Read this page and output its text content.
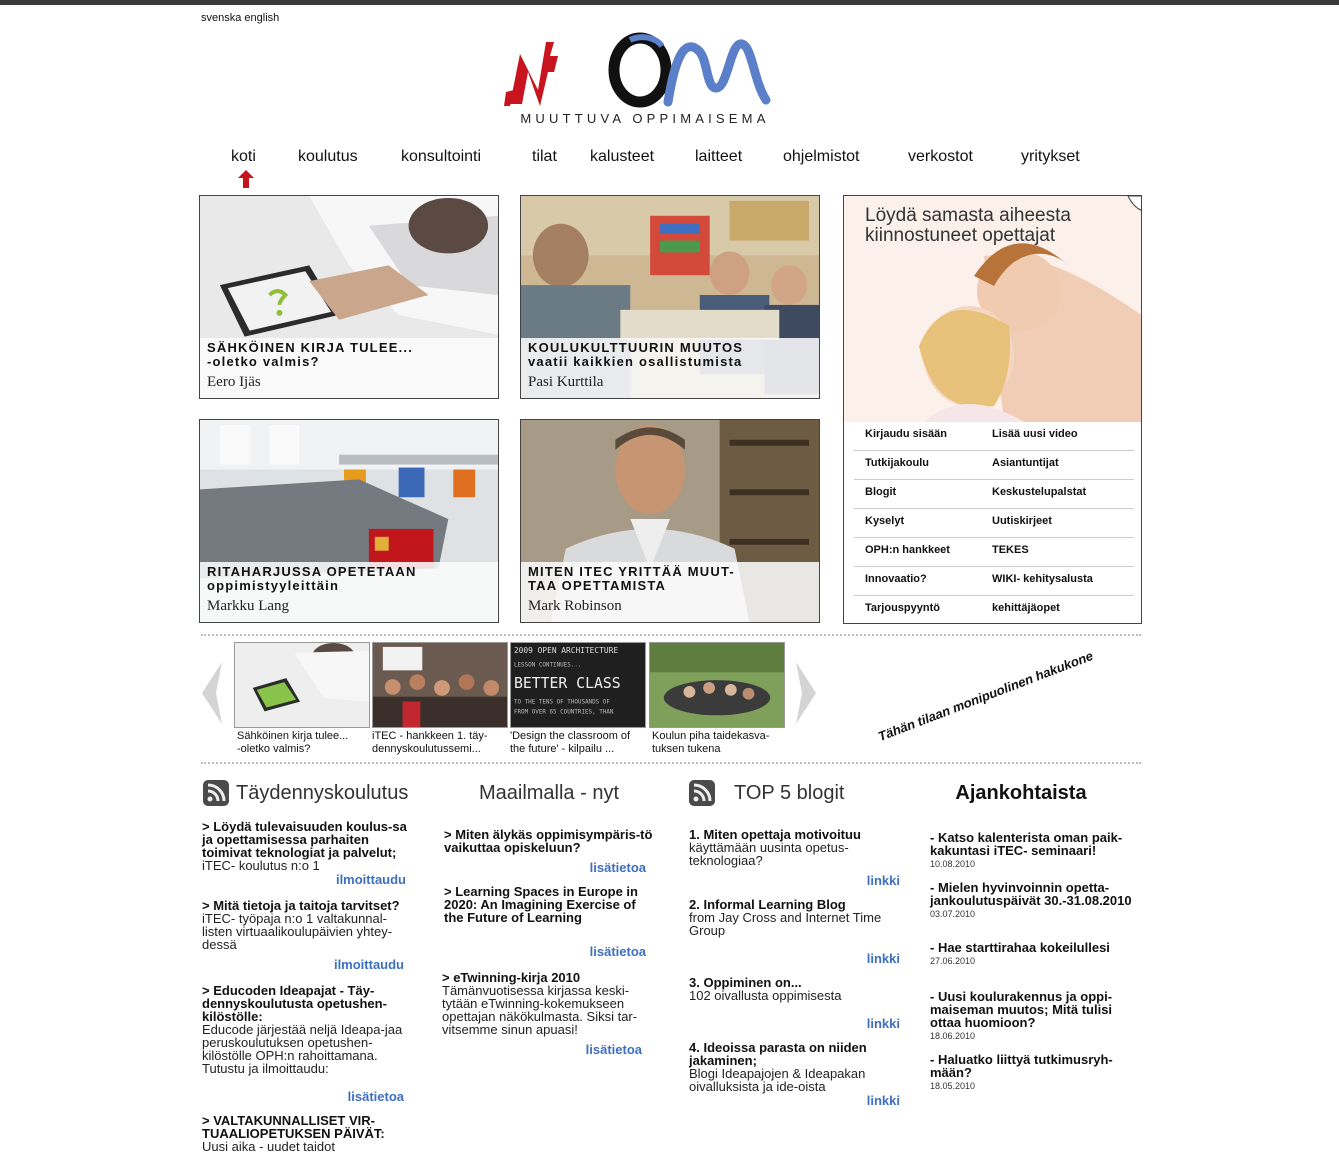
svenska english
MUUTTUVA OPPIMAISEMA
koti	koulutus	konsultointi	tilat kalusteet	laitteet	ohjelmistot	verkostot	yritykset
SÄHKÖINEN KIRJA TULEE...
-oletko valmis?
Eero Ijäs
KOULUKULTTUURIN MUUTOS
vaatii kaikkien osallistumista
Pasi Kurttila
RITAHARJUSSA OPETETAAN
oppimistyyleittäin
Markku Lang
MITEN ITEC YRITTÄÄ MUUT-
TAA OPETTAMISTA
Mark Robinson
Löydä samasta aiheesta kiinnostuneet opettajat
Kirjaudu sisään	Lisää uusi video
Tutkijakoulu	Asiantuntijat
Blogit	Keskustelupalstat
Kyselyt	Uutiskirjeet
OPH:n hankkeet	TEKES
Innovaatio?	WIKI- kehitysalusta
Tarjouspyyntö	kehittäjäopet
2009 OPEN ARCHITECTURE
LESSON CONTINUES...
BETTER CLASS
TO THE TENS OF THOUSANDS OF
FROM OVER 65 COUNTRIES, THAN
Sähköinen kirja tulee...
-oletko valmis?
iTEC - hankkeen 1. täy-
dennyskoulutussemi...
'Design the classroom of
the future' - kilpailu ...
Koulun piha taidekasva-
tuksen tukena
Tähän tilaan monipuolinen hakukone
Täydennyskoulutus
> Löydä tulevaisuuden koulus-sa ja opettamisessa parhaiten toimivat teknologiat ja palvelut;
iTEC- koulutus n:o 1
ilmoittaudu
> Mitä tietoja ja taitoja tarvitset?
iTEC- työpaja n:o 1 valtakunnal-listen virtuaalikoulupäivien yhtey-dessä
ilmoittaudu
> Educoden Ideapajat - Täy-dennyskoulutusta opetushen-kilöstölle:
Educode järjestää neljä Ideapa-jaa peruskoulutuksen opetushen-kilöstölle OPH:n rahoittamana. Tutustu ja ilmoittaudu:
lisätietoa
> VALTAKUNNALLISET VIR-TUAALIOPETUKSEN PÄIVÄT:
Uusi aika - uudet taidot
Maailmalla - nyt
> Miten älykäs oppimisympäris-tö vaikuttaa opiskeluun?
lisätietoa
> Learning Spaces in Europe in 2020: An Imagining Exercise of the Future of Learning
lisätietoa
> eTwinning-kirja 2010
Tämänvuotisessa kirjassa keski-tytään eTwinning-kokemukseen opettajan näkökulmasta. Siksi tar-vitsemme sinun apuasi!
lisätietoa
TOP 5 blogit
1. Miten opettaja motivoituu
käyttämään uusinta opetus-teknologiaa?
linkki
2. Informal Learning Blog
from Jay Cross and Internet Time Group
linkki
3. Oppiminen on...
102 oivallusta oppimisesta
linkki
4. Ideoissa parasta on niiden jakaminen;
Blogi Ideapajojen & Ideapakan oivalluksista ja ide-oista
linkki
Ajankohtaista
- Katso kalenterista oman paik-kakuntasi iTEC- seminaari!
10.08.2010
- Mielen hyvinvoinnin opetta-jankoulutuspäivät 30.-31.08.2010
03.07.2010
- Hae starttirahaa kokeilullesi
27.06.2010
- Uusi koulurakennus ja oppi-maiseman muutos; Mitä tulisi ottaa huomioon?
18.06.2010
- Haluatko liittyä tutkimusryh-mään?
18.05.2010
